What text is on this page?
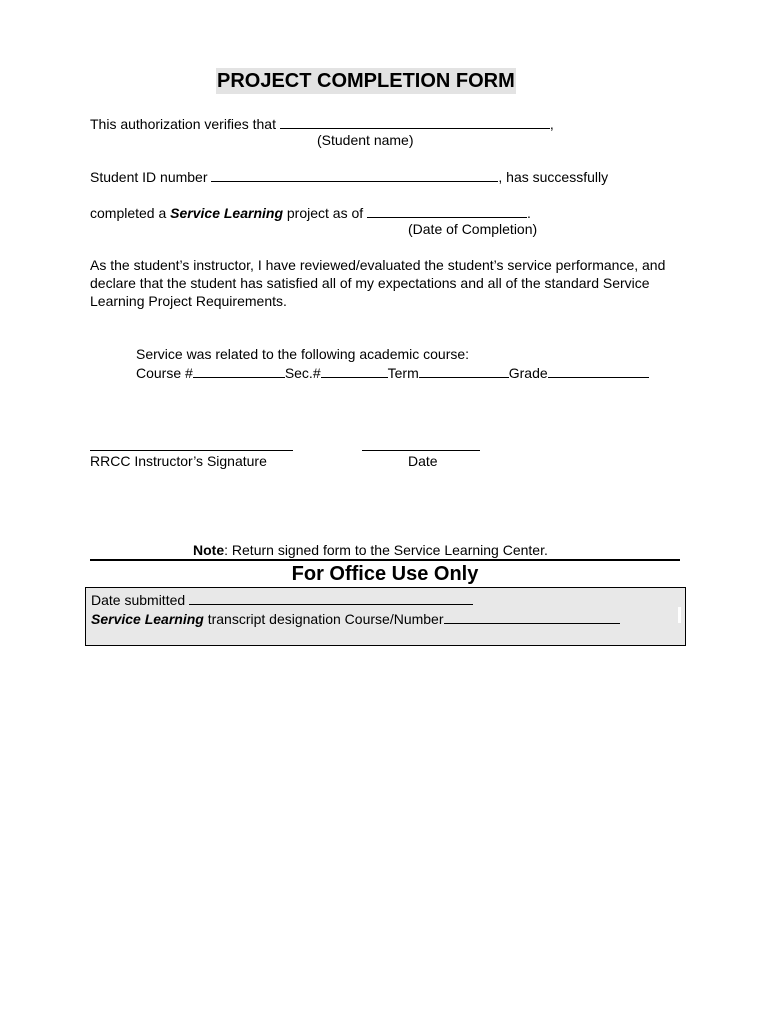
PROJECT COMPLETION FORM
This authorization verifies that	,
(Student name)
Student ID number	, has successfully
completed a Service Learning project as of	.
(Date of Completion)
As the student’s instructor, I have reviewed/evaluated the student’s service performance, and declare that the student has satisfied all of my expectations and all of the standard Service Learning Project Requirements.
Service was related to the following academic course:
Course #	Sec.#	Term	Grade
RRCC Instructor’s Signature	Date
Note: Return signed form to the Service Learning Center.
For Office Use Only
Date submitted
Service Learning transcript designation Course/Number
